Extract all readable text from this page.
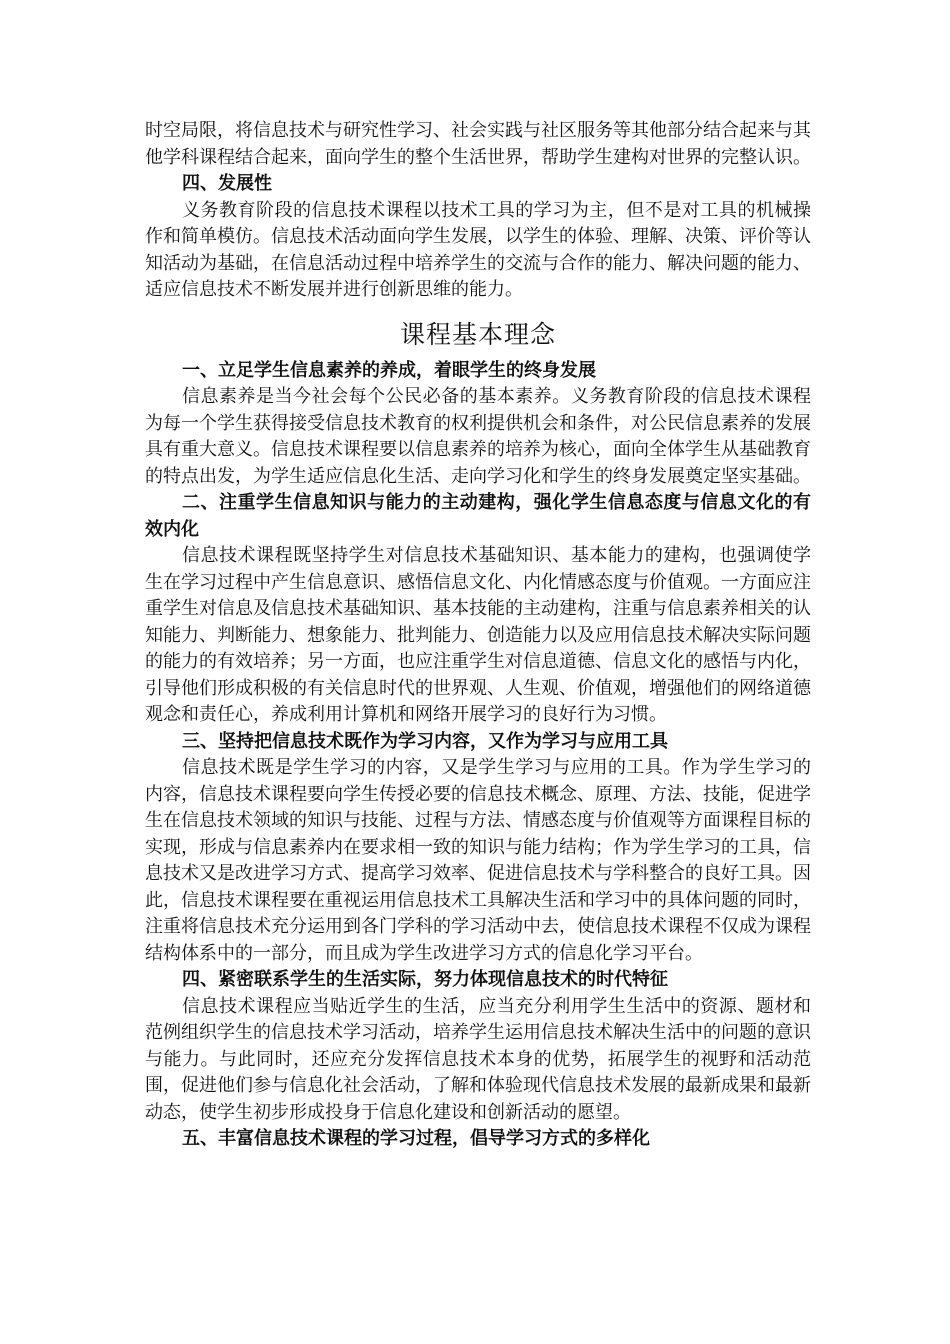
时空局限，将信息技术与研究性学习、社会实践与社区服务等其他部分结合起来与其他学科课程结合起来，面向学生的整个生活世界，帮助学生建构对世界的完整认识。

四、发展性

义务教育阶段的信息技术课程以技术工具的学习为主，但不是对工具的机械操作和简单模仿。信息技术活动面向学生发展，以学生的体验、理解、决策、评价等认知活动为基础，在信息活动过程中培养学生的交流与合作的能力、解决问题的能力、适应信息技术不断发展并进行创新思维的能力。

课程基本理念

一、立足学生信息素养的养成，着眼学生的终身发展

信息素养是当今社会每个公民必备的基本素养。义务教育阶段的信息技术课程为每一个学生获得接受信息技术教育的权利提供机会和条件，对公民信息素养的发展具有重大意义。信息技术课程要以信息素养的培养为核心，面向全体学生从基础教育的特点出发，为学生适应信息化生活、走向学习化和学生的终身发展奠定坚实基础。

二、注重学生信息知识与能力的主动建构，强化学生信息态度与信息文化的有效内化

信息技术课程既坚持学生对信息技术基础知识、基本能力的建构，也强调使学生在学习过程中产生信息意识、感悟信息文化、内化情感态度与价值观。一方面应注重学生对信息及信息技术基础知识、基本技能的主动建构，注重与信息素养相关的认知能力、判断能力、想象能力、批判能力、创造能力以及应用信息技术解决实际问题的能力的有效培养；另一方面，也应注重学生对信息道德、信息文化的感悟与内化，引导他们形成积极的有关信息时代的世界观、人生观、价值观，增强他们的网络道德观念和责任心，养成利用计算机和网络开展学习的良好行为习惯。

三、坚持把信息技术既作为学习内容，又作为学习与应用工具

信息技术既是学生学习的内容，又是学生学习与应用的工具。作为学生学习的内容，信息技术课程要向学生传授必要的信息技术概念、原理、方法、技能，促进学生在信息技术领域的知识与技能、过程与方法、情感态度与价值观等方面课程目标的实现，形成与信息素养内在要求相一致的知识与能力结构；作为学生学习的工具，信息技术又是改进学习方式、提高学习效率、促进信息技术与学科整合的良好工具。因此，信息技术课程要在重视运用信息技术工具解决生活和学习中的具体问题的同时，注重将信息技术充分运用到各门学科的学习活动中去，使信息技术课程不仅成为课程结构体系中的一部分，而且成为学生改进学习方式的信息化学习平台。

四、紧密联系学生的生活实际，努力体现信息技术的时代特征

信息技术课程应当贴近学生的生活，应当充分利用学生生活中的资源、题材和范例组织学生的信息技术学习活动，培养学生运用信息技术解决生活中的问题的意识与能力。与此同时，还应充分发挥信息技术本身的优势，拓展学生的视野和活动范围，促进他们参与信息化社会活动，了解和体验现代信息技术发展的最新成果和最新动态，使学生初步形成投身于信息化建设和创新活动的愿望。

五、丰富信息技术课程的学习过程，倡导学习方式的多样化
